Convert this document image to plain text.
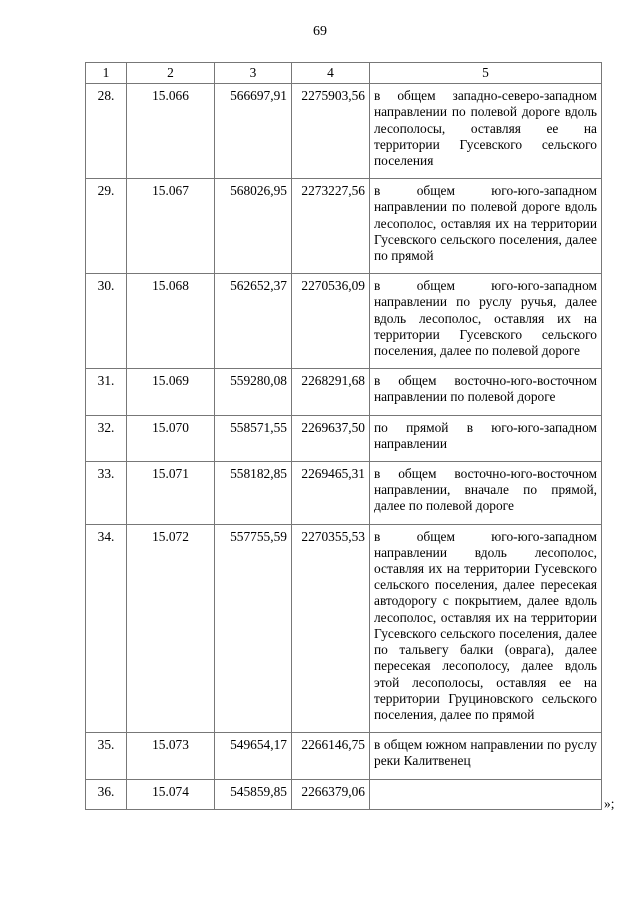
69
1	2	3	4	5
28.	15.066	566697,91	2275903,56	в общем западно-северо-западном направлении по полевой дороге вдоль лесополосы, оставляя ее на территории Гусевского сельского поселения
29.	15.067	568026,95	2273227,56	в общем юго-юго-западном направлении по полевой дороге вдоль лесополос, оставляя их на территории Гусевского сельского поселения, далее по прямой
30.	15.068	562652,37	2270536,09	в общем юго-юго-западном направлении по руслу ручья, далее вдоль лесополос, оставляя их на территории Гусевского сельского поселения, далее по полевой дороге
31.	15.069	559280,08	2268291,68	в общем восточно-юго-восточном направлении по полевой дороге
32.	15.070	558571,55	2269637,50	по прямой в юго-юго-западном направлении
33.	15.071	558182,85	2269465,31	в общем восточно-юго-восточном направлении, вначале по прямой, далее по полевой дороге
34.	15.072	557755,59	2270355,53	в общем юго-юго-западном направлении вдоль лесополос, оставляя их на территории Гусевского сельского поселения, далее пересекая автодорогу с покрытием, далее вдоль лесополос, оставляя их на территории Гусевского сельского поселения, далее по тальвегу балки (оврага), далее пересекая лесополосу, далее вдоль этой лесополосы, оставляя ее на территории Груциновского сельского поселения, далее по прямой
35.	15.073	549654,17	2266146,75	в общем южном направлении по руслу реки Калитвенец
36.	15.074	545859,85	2266379,06	
»;
